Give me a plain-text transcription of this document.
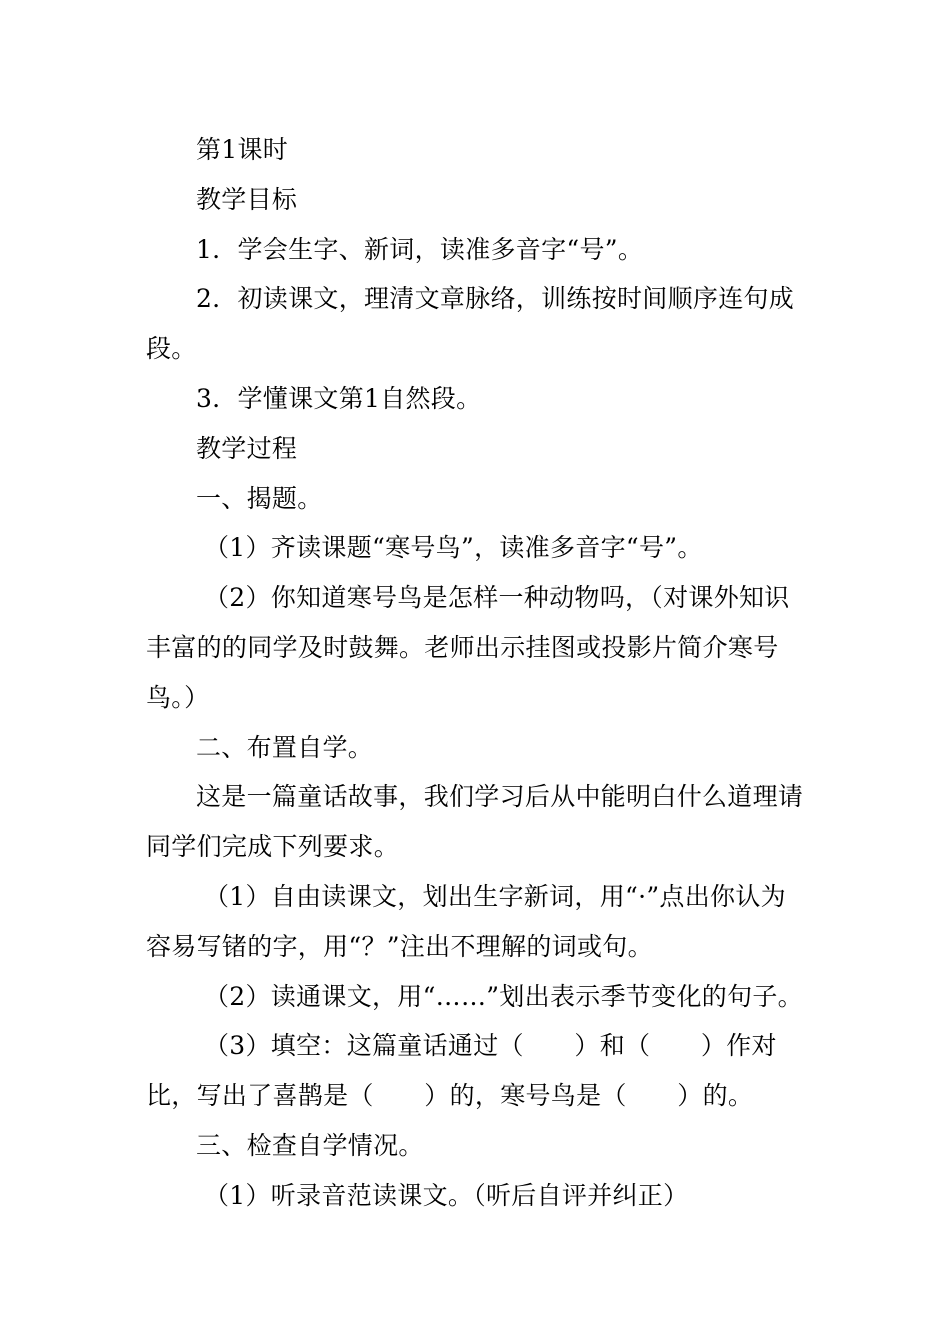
第1课时

教学目标

1．学会生字、新词，读准多音字“号”。

2．初读课文，理清文章脉络，训练按时间顺序连句成段。

3．学懂课文第1自然段。

教学过程

一、揭题。

（1）齐读课题“寒号鸟”，读准多音字“号”。

（2）你知道寒号鸟是怎样一种动物吗，（对课外知识丰富的的同学及时鼓舞。老师出示挂图或投影片简介寒号鸟。）

二、布置自学。

这是一篇童话故事，我们学习后从中能明白什么道理请同学们完成下列要求。

（1）自由读课文，划出生字新词，用“·”点出你认为容易写锗的字，用“？”注出不理解的词或句。

（2）读通课文，用“……”划出表示季节变化的句子。

（3）填空：这篇童话通过（　　）和（　　）作对比，写出了喜鹊是（　　）的，寒号鸟是（　　）的。

三、检查自学情况。

（1）听录音范读课文。（听后自评并纠正）
